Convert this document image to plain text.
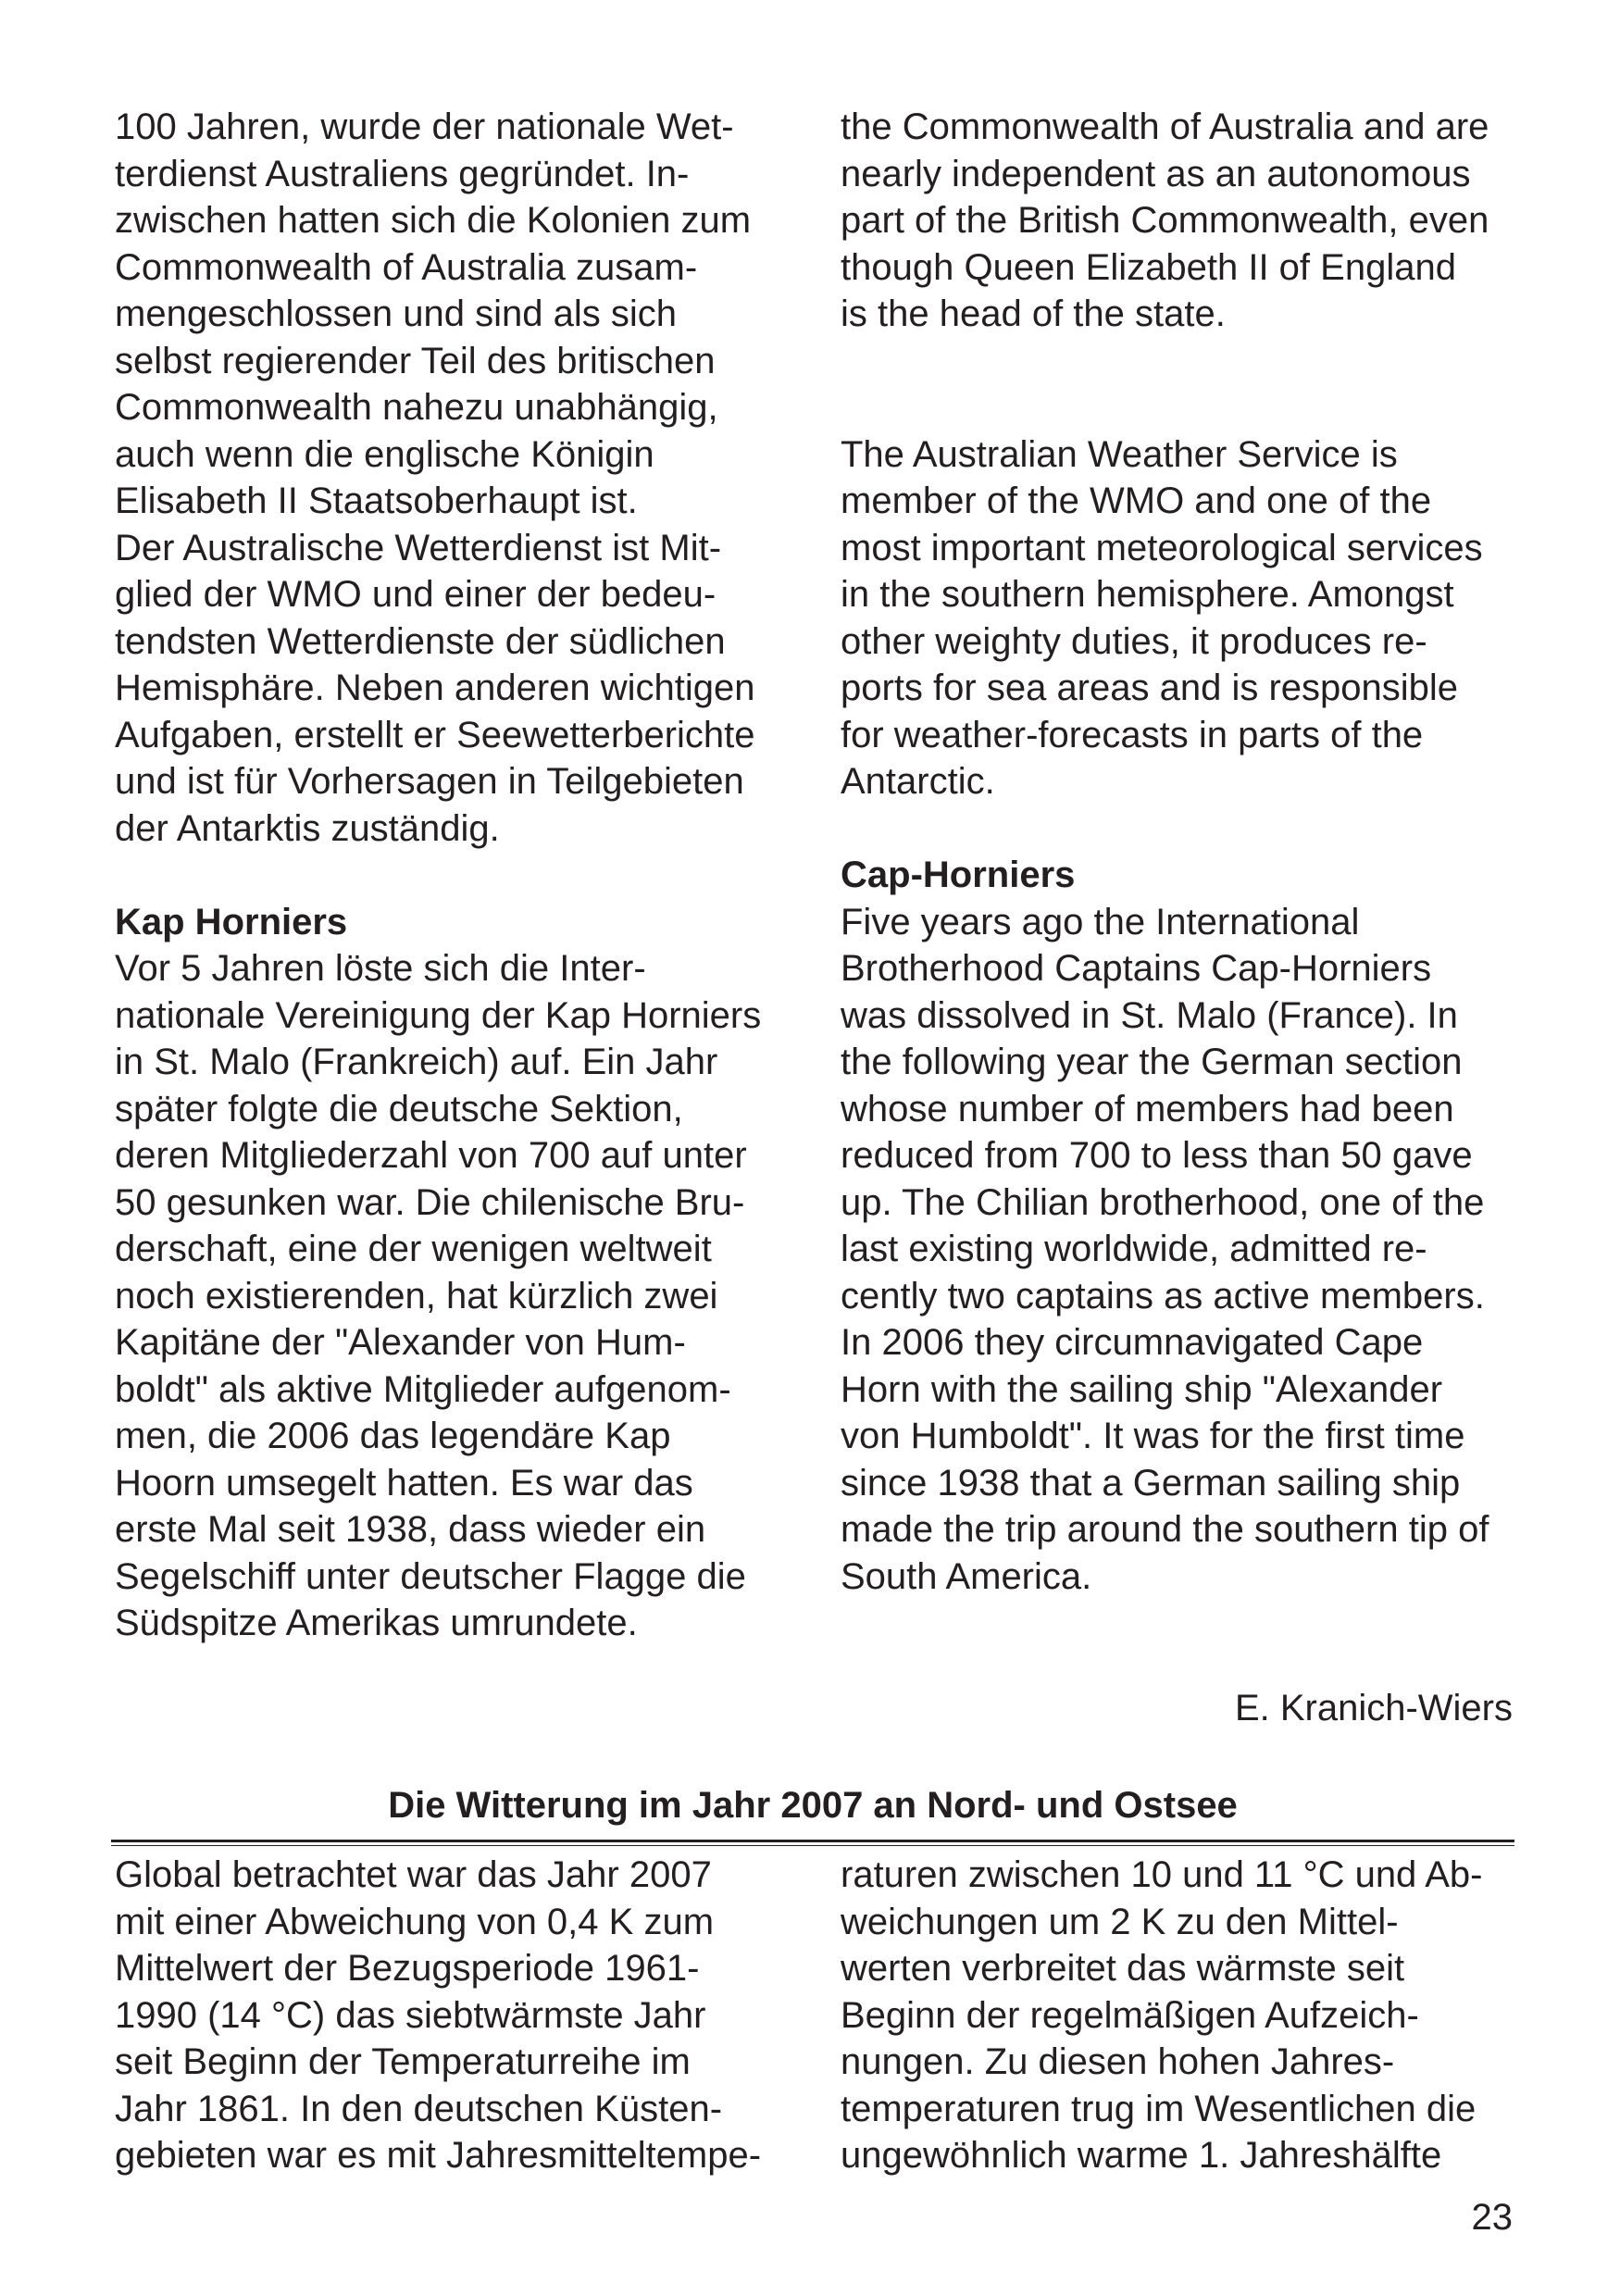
100 Jahren, wurde der nationale Wet-
terdienst Australiens gegründet. In-
zwischen hatten sich die Kolonien zum
Commonwealth of Australia zusam-
mengeschlossen und sind als sich
selbst regierender Teil des britischen
Commonwealth nahezu unabhängig,
auch wenn die englische Königin
Elisabeth II Staatsoberhaupt ist.

Der Australische Wetterdienst ist Mit-
glied der WMO und einer der bedeu-
tendsten Wetterdienste der südlichen
Hemisphäre. Neben anderen wichtigen
Aufgaben, erstellt er Seewetterberichte
und ist für Vorhersagen in Teilgebieten
der Antarktis zuständig.

Kap Horniers

Vor 5 Jahren löste sich die Inter-
nationale Vereinigung der Kap Horniers
in St. Malo (Frankreich) auf. Ein Jahr
später folgte die deutsche Sektion,
deren Mitgliederzahl von 700 auf unter
50 gesunken war. Die chilenische Bru-
derschaft, eine der wenigen weltweit
noch existierenden, hat kürzlich zwei
Kapitäne der "Alexander von Hum-
boldt" als aktive Mitglieder aufgenom-
men, die 2006 das legendäre Kap
Hoorn umsegelt hatten. Es war das
erste Mal seit 1938, dass wieder ein
Segelschiff unter deutscher Flagge die
Südspitze Amerikas umrundete.

the Commonwealth of Australia and are
nearly independent as an autonomous
part of the British Commonwealth, even
though Queen Elizabeth II of England
is the head of the state.

The Australian Weather Service is
member of the WMO and one of the
most important meteorological services
in the southern hemisphere. Amongst
other weighty duties, it produces re-
ports for sea areas and is responsible
for weather-forecasts in parts of the
Antarctic.

Cap-Horniers

Five years ago the International
Brotherhood Captains Cap-Horniers
was dissolved in St. Malo (France). In
the following year the German section
whose number of members had been
reduced from 700 to less than 50 gave
up. The Chilian brotherhood, one of the
last existing worldwide, admitted re-
cently two captains as active members.
In 2006 they circumnavigated Cape
Horn with the sailing ship "Alexander
von Humboldt". It was for the first time
since 1938 that a German sailing ship
made the trip around the southern tip of
South America.

E. Kranich-Wiers
Die Witterung im Jahr 2007 an Nord- und Ostsee

Global betrachtet war das Jahr 2007
mit einer Abweichung von 0,4 K zum
Mittelwert der Bezugsperiode 1961-
1990 (14 °C) das siebtwärmste Jahr
seit Beginn der Temperaturreihe im
Jahr 1861. In den deutschen Küsten-
gebieten war es mit Jahresmitteltempe-

raturen zwischen 10 und 11 °C und Ab-
weichungen um 2 K zu den Mittel-
werten verbreitet das wärmste seit
Beginn der regelmäßigen Aufzeich-
nungen. Zu diesen hohen Jahres-
temperaturen trug im Wesentlichen die
ungewöhnlich warme 1. Jahreshälfte

23
